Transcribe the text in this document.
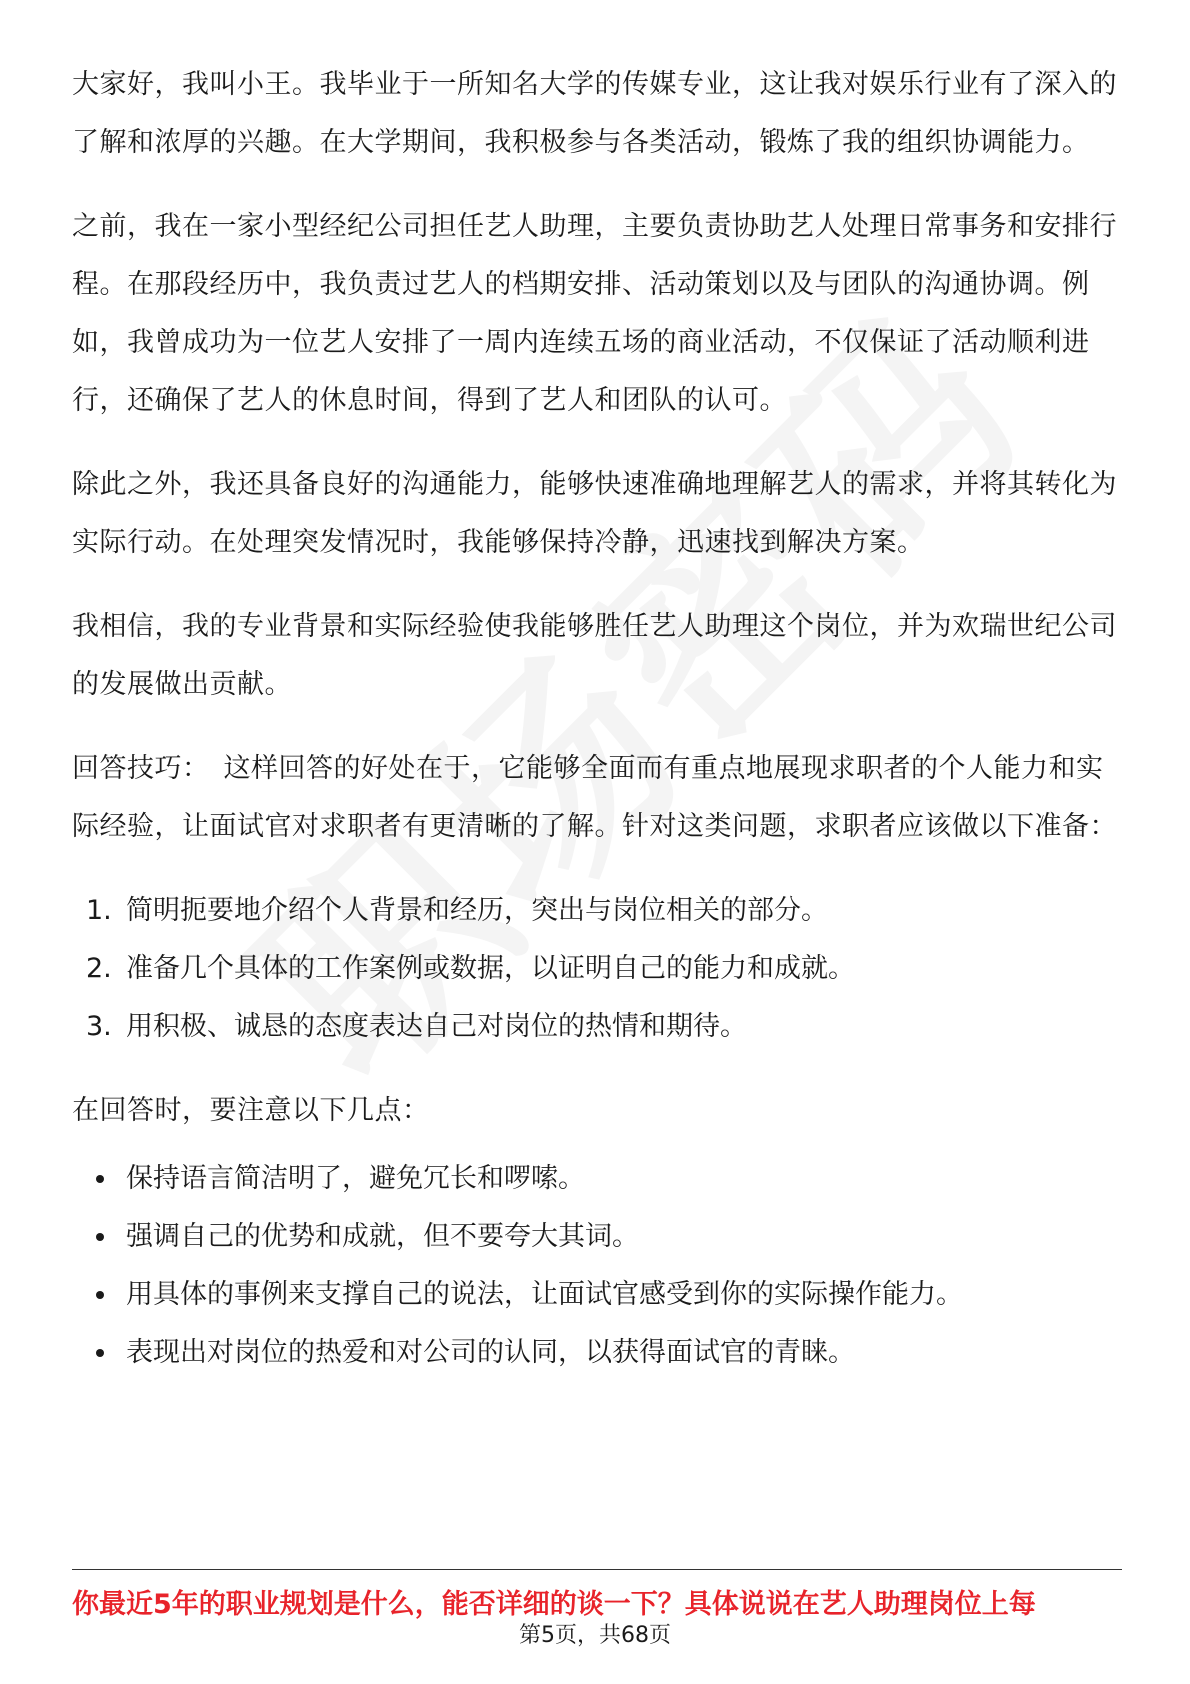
大家好，我叫小王。我毕业于一所知名大学的传媒专业，这让我对娱乐行业有了深入的了解和浓厚的兴趣。在大学期间，我积极参与各类活动，锻炼了我的组织协调能力。

之前，我在一家小型经纪公司担任艺人助理，主要负责协助艺人处理日常事务和安排行程。在那段经历中，我负责过艺人的档期安排、活动策划以及与团队的沟通协调。例如，我曾成功为一位艺人安排了一周内连续五场的商业活动，不仅保证了活动顺利进行，还确保了艺人的休息时间，得到了艺人和团队的认可。

除此之外，我还具备良好的沟通能力，能够快速准确地理解艺人的需求，并将其转化为实际行动。在处理突发情况时，我能够保持冷静，迅速找到解决方案。

我相信，我的专业背景和实际经验使我能够胜任艺人助理这个岗位，并为欢瑞世纪公司的发展做出贡献。

回答技巧： 这样回答的好处在于，它能够全面而有重点地展现求职者的个人能力和实际经验，让面试官对求职者有更清晰的了解。针对这类问题，求职者应该做以下准备：

1. 简明扼要地介绍个人背景和经历，突出与岗位相关的部分。
2. 准备几个具体的工作案例或数据，以证明自己的能力和成就。
3. 用积极、诚恳的态度表达自己对岗位的热情和期待。

在回答时，要注意以下几点：

保持语言简洁明了，避免冗长和啰嗦。
强调自己的优势和成就，但不要夸大其词。
用具体的事例来支撑自己的说法，让面试官感受到你的实际操作能力。
表现出对岗位的热爱和对公司的认同，以获得面试官的青睐。
你最近5年的职业规划是什么，能否详细的谈一下？具体说说在艺人助理岗位上每
第5页，共68页
